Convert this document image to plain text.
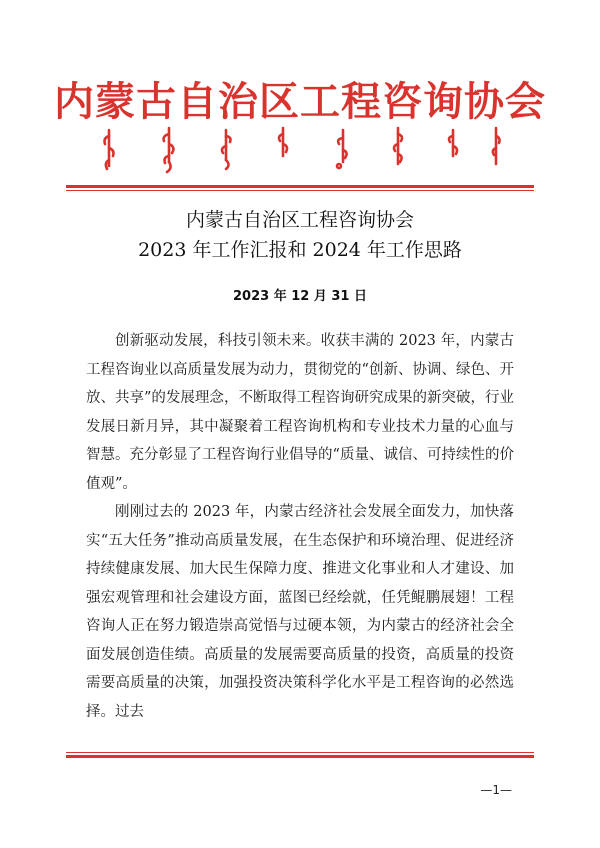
内蒙古自治区工程咨询协会
内蒙古自治区工程咨询协会
2023 年工作汇报和 2024 年工作思路
2023 年 12 月 31 日

创新驱动发展，科技引领未来。收获丰满的 2023 年，内蒙古工程咨询业以高质量发展为动力，贯彻党的“创新、协调、绿色、开放、共享”的发展理念，不断取得工程咨询研究成果的新突破，行业发展日新月异，其中凝聚着工程咨询机构和专业技术力量的心血与智慧。充分彰显了工程咨询行业倡导的“质量、诚信、可持续性的价值观”。

刚刚过去的 2023 年，内蒙古经济社会发展全面发力，加快落实“五大任务”推动高质量发展，在生态保护和环境治理、促进经济持续健康发展、加大民生保障力度、推进文化事业和人才建设、加强宏观管理和社会建设方面，蓝图已经绘就，任凭鲲鹏展翅！工程咨询人正在努力锻造崇高觉悟与过硬本领，为内蒙古的经济社会全面发展创造佳绩。高质量的发展需要高质量的投资，高质量的投资需要高质量的决策，加强投资决策科学化水平是工程咨询的必然选择。过去

—1—
